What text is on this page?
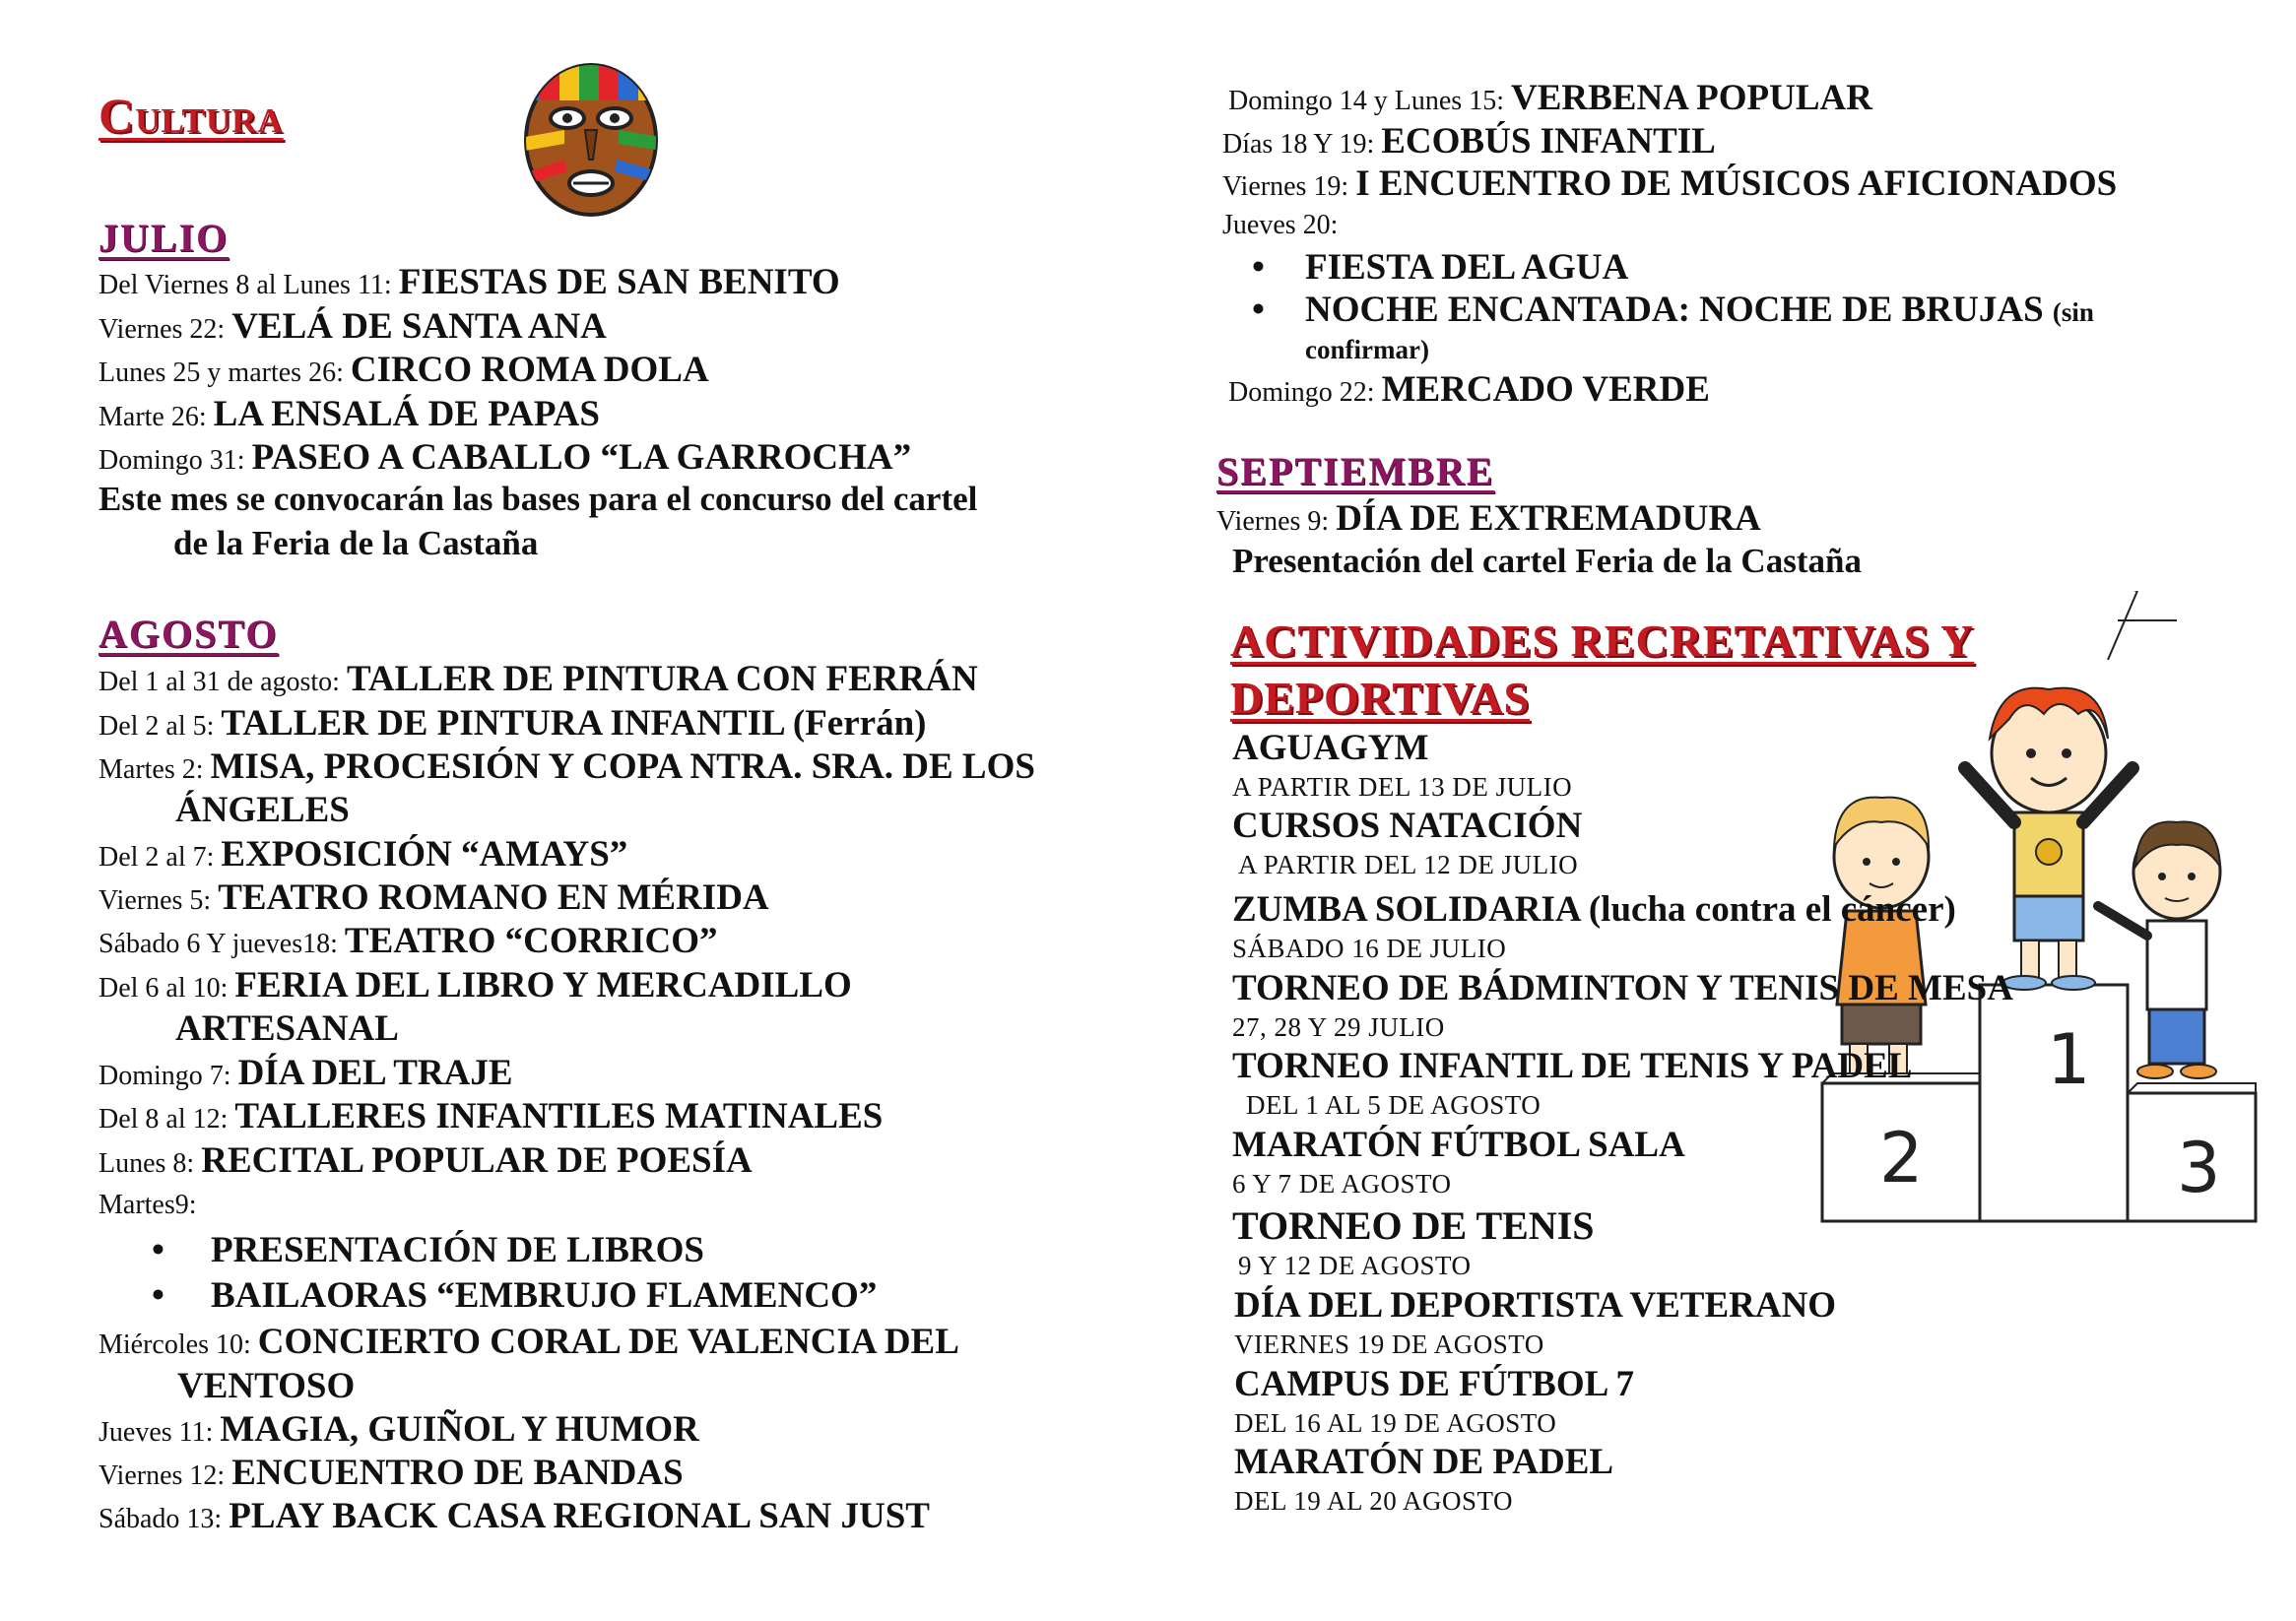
Cultura
JULIO
Del Viernes 8 al Lunes 11: FIESTAS DE SAN BENITO
Viernes 22: VELÁ DE SANTA ANA
Lunes 25 y martes 26: CIRCO ROMA DOLA
Marte 26: LA ENSALÁ DE PAPAS
Domingo 31: PASEO A CABALLO “LA GARROCHA”
Este mes se convocarán las bases para el concurso del cartel
de la Feria de la Castaña
AGOSTO
Del 1 al 31 de agosto: TALLER DE PINTURA CON FERRÁN
Del 2 al 5: TALLER DE PINTURA INFANTIL (Ferrán)
Martes 2: MISA, PROCESIÓN Y COPA NTRA. SRA. DE LOS
ÁNGELES
Del 2 al 7: EXPOSICIÓN “AMAYS”
Viernes 5: TEATRO ROMANO EN MÉRIDA
Sábado 6 Y jueves18: TEATRO “CORRICO”
Del 6 al 10: FERIA DEL LIBRO Y MERCADILLO
ARTESANAL
Domingo 7: DÍA DEL TRAJE
Del 8 al 12: TALLERES INFANTILES MATINALES
Lunes 8: RECITAL POPULAR DE POESÍA
Martes9:
• PRESENTACIÓN DE LIBROS
• BAILAORAS “EMBRUJO FLAMENCO”
Miércoles 10: CONCIERTO CORAL DE VALENCIA DEL
VENTOSO
Jueves 11: MAGIA, GUIÑOL Y HUMOR
Viernes 12: ENCUENTRO DE BANDAS
Sábado 13: PLAY BACK CASA REGIONAL SAN JUST
Domingo 14 y Lunes 15: VERBENA POPULAR
Días 18 Y 19: ECOBÚS INFANTIL
Viernes 19: I ENCUENTRO DE MÚSICOS AFICIONADOS
Jueves 20:
• FIESTA DEL AGUA
• NOCHE ENCANTADA: NOCHE DE BRUJAS (sin
confirmar)
Domingo 22: MERCADO VERDE
SEPTIEMBRE
Viernes 9: DÍA DE EXTREMADURA
Presentación del cartel Feria de la Castaña
ACTIVIDADES RECRETATIVAS Y
DEPORTIVAS
1
2	3
AGUAGYM
A PARTIR DEL 13 DE JULIO
CURSOS NATACIÓN
A PARTIR DEL 12 DE JULIO
ZUMBA SOLIDARIA (lucha contra el cáncer)
SÁBADO 16 DE JULIO
TORNEO DE BÁDMINTON Y TENIS DE MESA
27, 28 Y 29 JULIO
TORNEO INFANTIL DE TENIS Y PADEL
DEL 1 AL 5 DE AGOSTO
MARATÓN FÚTBOL SALA
6 Y 7 DE AGOSTO
TORNEO DE TENIS
9 Y 12 DE AGOSTO
DÍA DEL DEPORTISTA VETERANO
VIERNES 19 DE AGOSTO
CAMPUS DE FÚTBOL 7
DEL 16 AL 19 DE AGOSTO
MARATÓN DE PADEL
DEL 19 AL 20 AGOSTO
